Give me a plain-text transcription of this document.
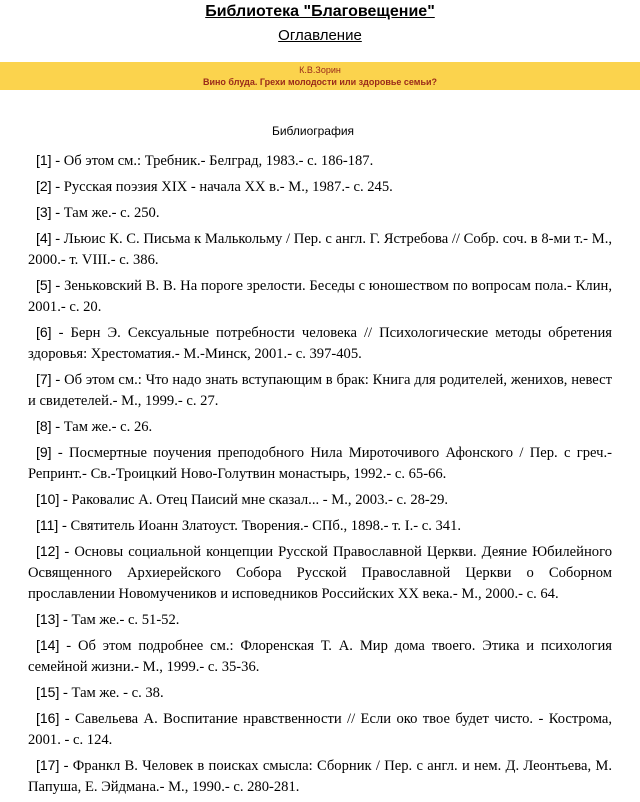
Библиотека "Благовещение"
Оглавление
К.В.Зорин
Вино блуда. Грехи молодости или здоровье семьи?
Библиография

[1] - Об этом см.: Требник.- Белград, 1983.- с. 186-187.

[2] - Русская поэзия XIX - начала XX в.- М., 1987.- с. 245.

[3] - Там же.- с. 250.

[4] - Льюис К. С. Письма к Малькольму / Пер. с англ. Г. Ястребова // Собр. соч. в 8-ми т.- М., 2000.- т. VIII.- с. 386.

[5] - Зеньковский В. В. На пороге зрелости. Беседы с юношеством по вопросам пола.- Клин, 2001.- с. 20.

[6] - Берн Э. Сексуальные потребности человека // Психологические методы обретения здоровья: Хрестоматия.- М.-Минск, 2001.- с. 397-405.

[7] - Об этом см.: Что надо знать вступающим в брак: Книга для родителей, женихов, невест и свидетелей.- М., 1999.- с. 27.

[8] - Там же.- с. 26.

[9] - Посмертные поучения преподобного Нила Мироточивого Афонского / Пер. с греч.- Репринт.- Св.-Троицкий Ново-Голутвин монастырь, 1992.- с. 65-66.

[10] - Раковалис А. Отец Паисий мне сказал... - М., 2003.- с. 28-29.

[11] - Святитель Иоанн Златоуст. Творения.- СПб., 1898.- т. I.- с. 341.

[12] - Основы социальной концепции Русской Православной Церкви. Деяние Юбилейного Освященного Архиерейского Собора Русской Православной Церкви о Соборном прославлении Новомучеников и исповедников Российских XX века.- М., 2000.- с. 64.

[13] - Там же.- с. 51-52.

[14] - Об этом подробнее см.: Флоренская Т. А. Мир дома твоего. Этика и психология семейной жизни.- М., 1999.- с. 35-36.

[15] - Там же. - с. 38.

[16] - Савельева А. Воспитание нравственности // Если око твое будет чисто. - Кострома, 2001. - с. 124.

[17] - Франкл В. Человек в поисках смысла: Сборник / Пер. с англ. и нем. Д. Леонтьева, М. Папуша, Е. Эйдмана.- М., 1990.- с. 280-281.
